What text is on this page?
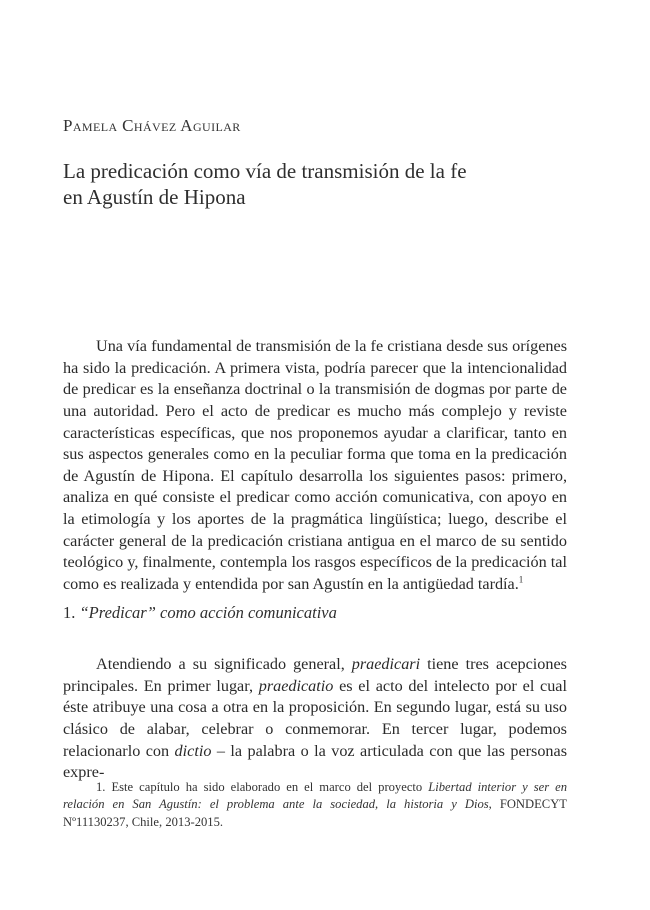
Pamela Chávez Aguilar
La predicación como vía de transmisión de la fe
en Agustín de Hipona

Una vía fundamental de transmisión de la fe cristiana desde sus orígenes ha sido la predicación. A primera vista, podría parecer que la intencionalidad de predicar es la enseñanza doctrinal o la transmisión de dogmas por parte de una autoridad. Pero el acto de predicar es mucho más complejo y reviste características específicas, que nos proponemos ayudar a clarificar, tanto en sus aspectos generales como en la peculiar forma que toma en la predicación de Agustín de Hipona. El capítulo desarrolla los siguientes pasos: primero, analiza en qué consiste el predicar como acción comunicativa, con apoyo en la etimología y los aportes de la pragmática lingüística; luego, describe el carácter general de la predicación cristiana antigua en el marco de su sentido teológico y, finalmente, contempla los rasgos específicos de la predicación tal como es realizada y entendida por san Agustín en la antigüedad tardía.$^1$

1. “Predicar” como acción comunicativa

Atendiendo a su significado general, praedicari tiene tres acepciones principales. En primer lugar, praedicatio es el acto del intelecto por el cual éste atribuye una cosa a otra en la proposición. En segundo lugar, está su uso clásico de alabar, celebrar o conmemorar. En tercer lugar, podemos relacionarlo con dictio – la palabra o la voz articulada con que las personas expre-

1. Este capítulo ha sido elaborado en el marco del proyecto Libertad interior y ser en relación en San Agustín: el problema ante la sociedad, la historia y Dios, FONDECYT Nº11130237, Chile, 2013-2015.
